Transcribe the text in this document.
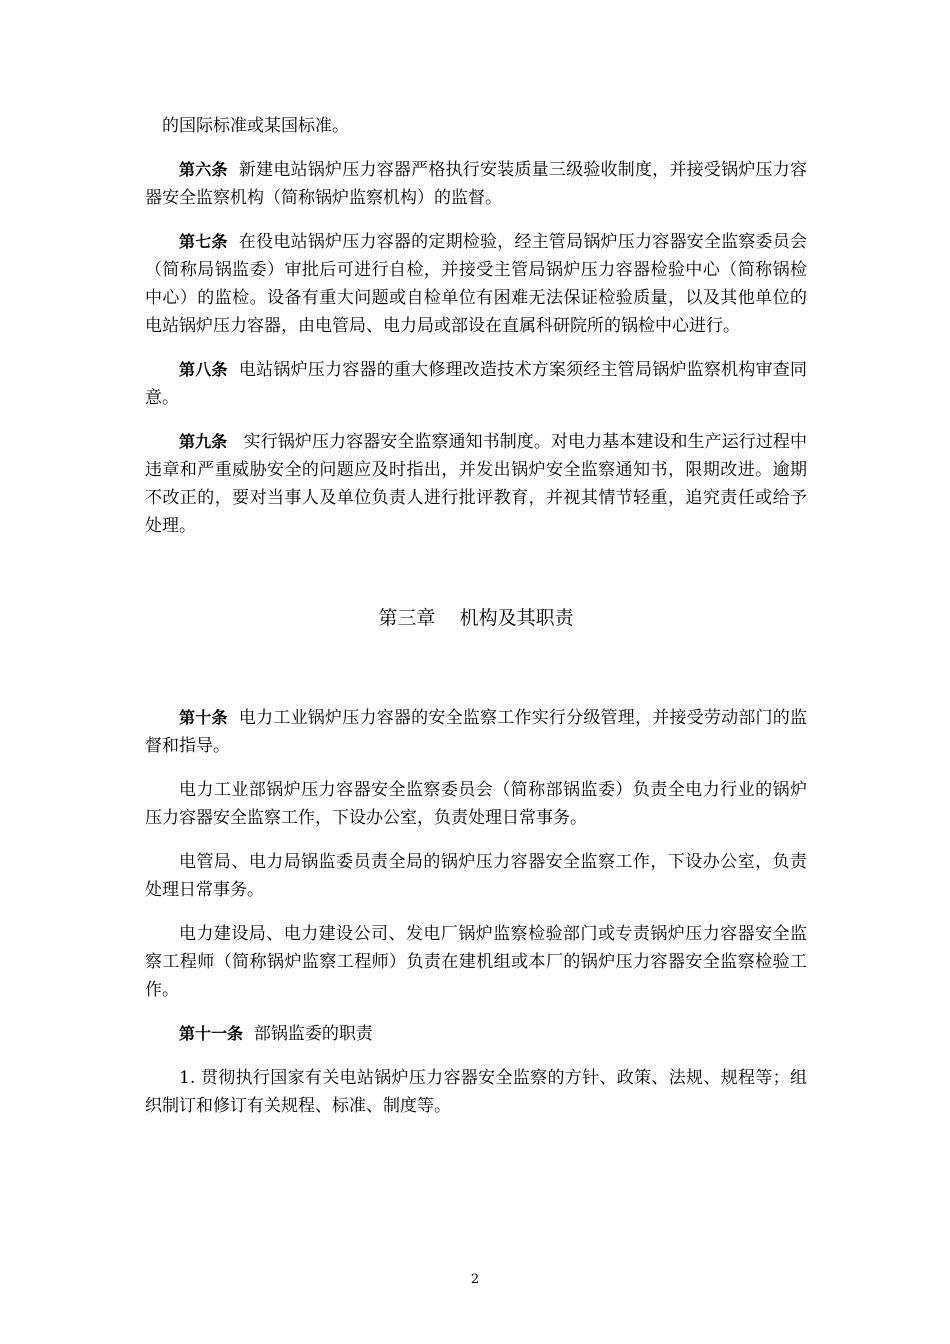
的国际标准或某国标准。

第六条 新建电站锅炉压力容器严格执行安装质量三级验收制度，并接受锅炉压力容器安全监察机构（简称锅炉监察机构）的监督。

第七条 在役电站锅炉压力容器的定期检验，经主管局锅炉压力容器安全监察委员会（简称局锅监委）审批后可进行自检，并接受主管局锅炉压力容器检验中心（简称锅检中心）的监检。设备有重大问题或自检单位有困难无法保证检验质量，以及其他单位的电站锅炉压力容器，由电管局、电力局或部设在直属科研院所的锅检中心进行。

第八条 电站锅炉压力容器的重大修理改造技术方案须经主管局锅炉监察机构审查同意。

第九条 实行锅炉压力容器安全监察通知书制度。对电力基本建设和生产运行过程中违章和严重威胁安全的问题应及时指出，并发出锅炉安全监察通知书，限期改进。逾期不改正的，要对当事人及单位负责人进行批评教育，并视其情节轻重，追究责任或给予处理。

第三章    机构及其职责

第十条 电力工业锅炉压力容器的安全监察工作实行分级管理，并接受劳动部门的监督和指导。

电力工业部锅炉压力容器安全监察委员会（简称部锅监委）负责全电力行业的锅炉压力容器安全监察工作，下设办公室，负责处理日常事务。

电管局、电力局锅监委员责全局的锅炉压力容器安全监察工作，下设办公室，负责处理日常事务。

电力建设局、电力建设公司、发电厂锅炉监察检验部门或专责锅炉压力容器安全监察工程师（简称锅炉监察工程师）负责在建机组或本厂的锅炉压力容器安全监察检验工作。

第十一条 部锅监委的职责

1. 贯彻执行国家有关电站锅炉压力容器安全监察的方针、政策、法规、规程等；组织制订和修订有关规程、标准、制度等。

2
